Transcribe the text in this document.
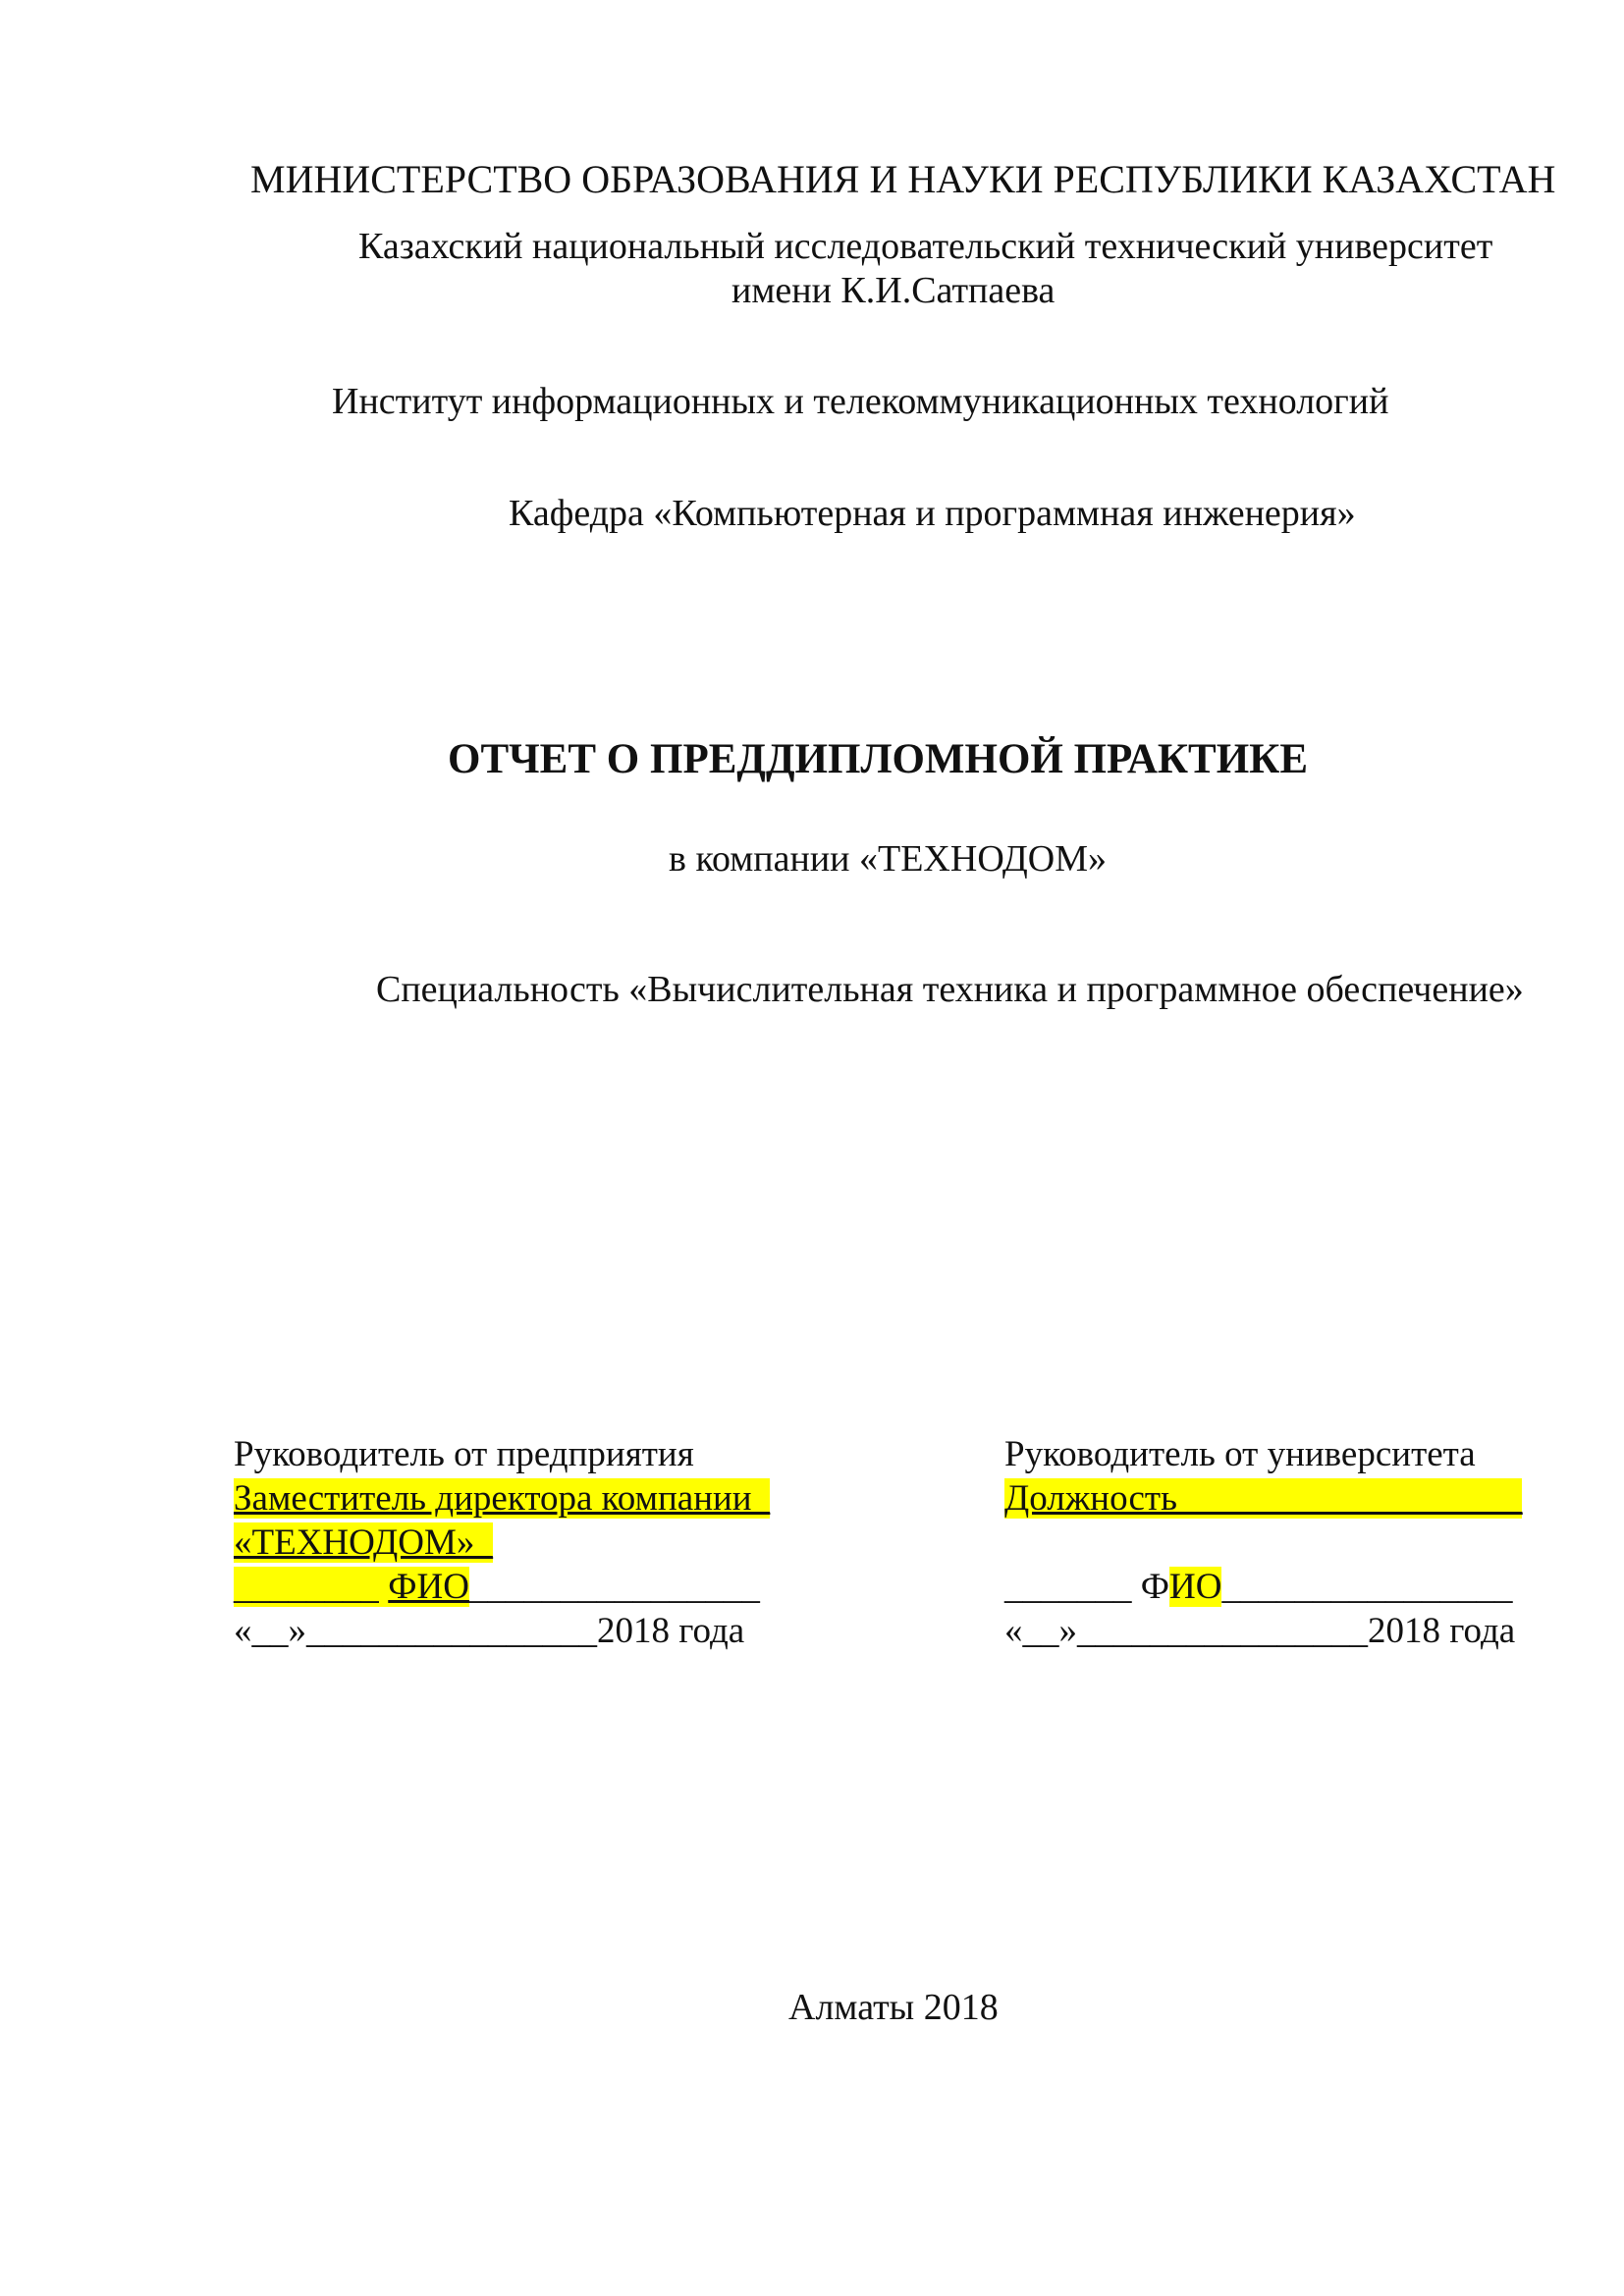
МИНИСТЕРСТВО ОБРАЗОВАНИЯ И НАУКИ РЕСПУБЛИКИ КАЗАХСТАН
Казахский национальный исследовательский технический университет
имени К.И.Сатпаева
Институт информационных и телекоммуникационных технологий
Кафедра «Компьютерная и программная инженерия»
ОТЧЕТ О ПРЕДДИПЛОМНОЙ ПРАКТИКЕ
в компании «ТЕХНОДОМ»
Специальность «Вычислительная техника и программное обеспечение»
Руководитель от предприятия
Заместитель директора компании_
«ТЕХНОДОМ»_
________ ФИО________________
«__»________________2018 года
Руководитель от университета
Должность___________________
_______ ФИО________________
«__»________________2018 года
Алматы 2018
